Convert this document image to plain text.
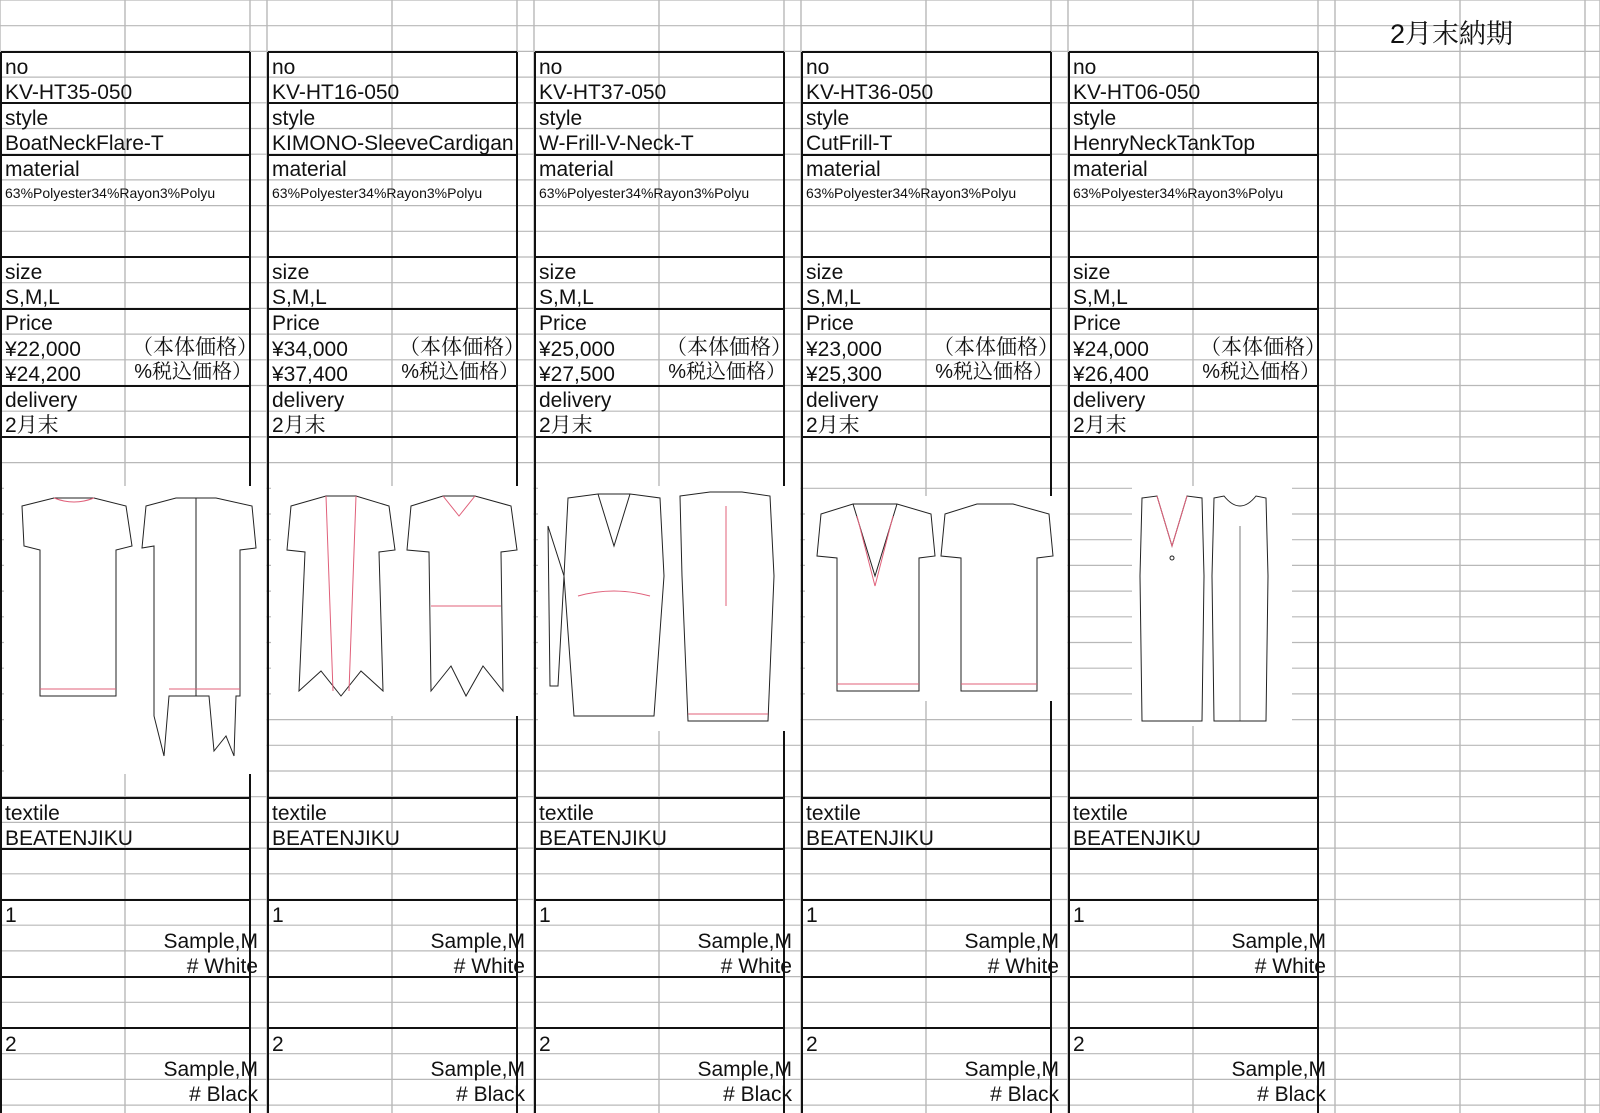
2月末納期
no
KV-HT35-050
style
BoatNeckFlare-T
material
63%Polyester34%Rayon3%Polyu
size
S,M,L
Price
¥22,000 （本体価格）
¥24,200	%税込価格）
delivery
2月末
textile
BEATENJIKU
1
Sample,M
# White
2
Sample,M
# Black
no
KV-HT16-050
style
KIMONO-SleeveCardigan
material
63%Polyester34%Rayon3%Polyu
size
S,M,L
Price
¥34,000 （本体価格）
¥37,400	%税込価格）
delivery
2月末
textile
BEATENJIKU
1
Sample,M
# White
2
Sample,M
# Black
no
KV-HT37-050
style
W-Frill-V-Neck-T
material
63%Polyester34%Rayon3%Polyu
size
S,M,L
Price
¥25,000 （本体価格）
¥27,500	%税込価格）
delivery
2月末
textile
BEATENJIKU
1
Sample,M
# White
2
Sample,M
# Black
no
KV-HT36-050
style
CutFrill-T
material
63%Polyester34%Rayon3%Polyu
size
S,M,L
Price
¥23,000 （本体価格）
¥25,300	%税込価格）
delivery
2月末
textile
BEATENJIKU
1
Sample,M
# White
2
Sample,M
# Black
no
KV-HT06-050
style
HenryNeckTankTop
material
63%Polyester34%Rayon3%Polyu
size
S,M,L
Price
¥24,000 （本体価格）
¥26,400	%税込価格）
delivery
2月末
textile
BEATENJIKU
1
Sample,M
# White
2
Sample,M
# Black
